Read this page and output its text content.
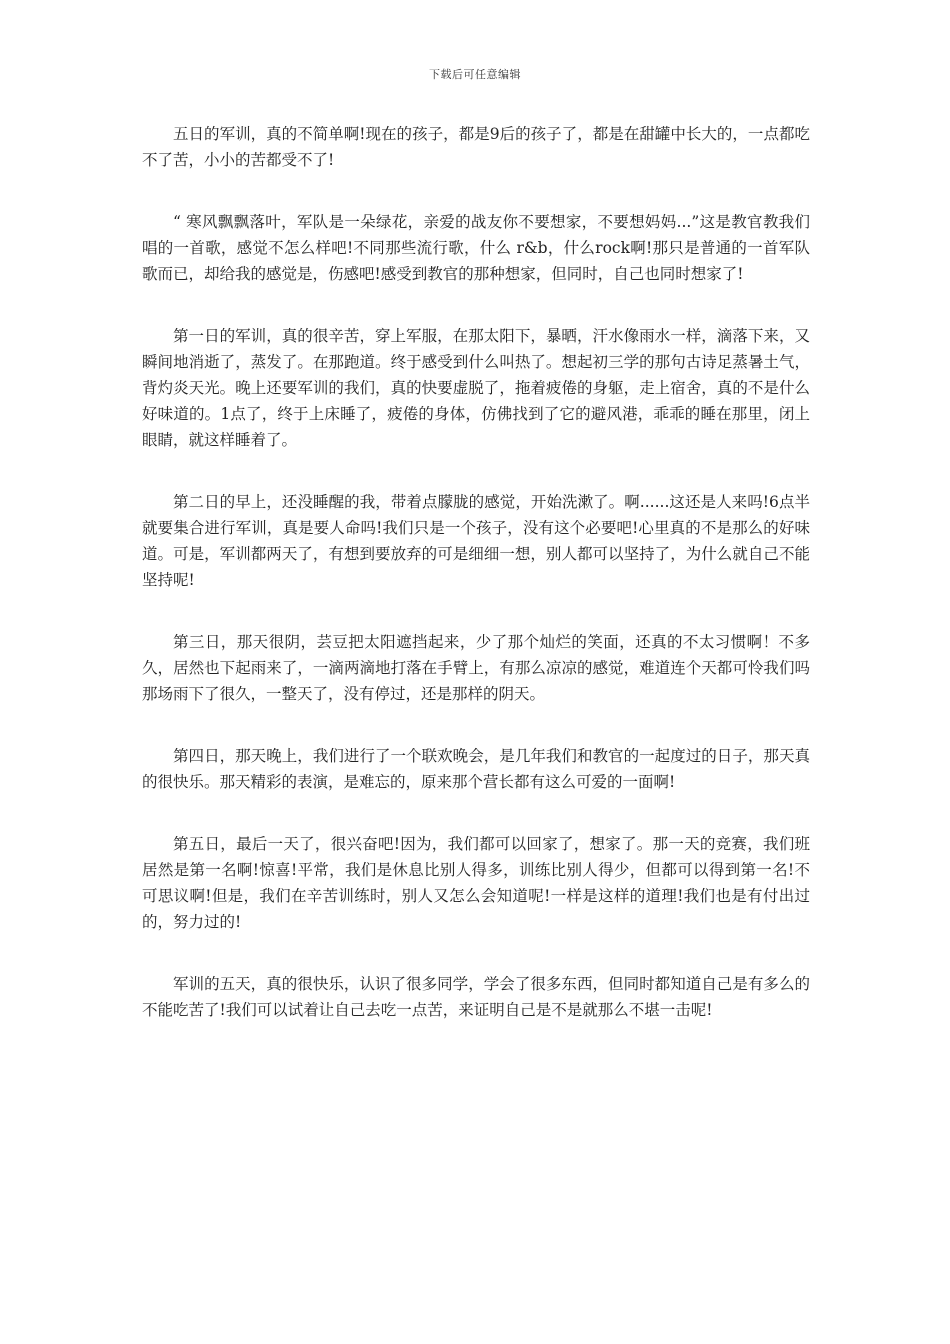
下载后可任意编辑

五日的军训，真的不简单啊!现在的孩子，都是9后的孩子了，都是在甜罐中长大的，一点都吃不了苦，小小的苦都受不了!

“ 寒风飘飘落叶，军队是一朵绿花，亲爱的战友你不要想家，不要想妈妈...”这是教官教我们唱的一首歌，感觉不怎么样吧!不同那些流行歌，什么 r&b，什么rock啊!那只是普通的一首军队歌而已，却给我的感觉是，伤感吧!感受到教官的那种想家，但同时，自己也同时想家了!

第一日的军训，真的很辛苦，穿上军服，在那太阳下，暴晒，汗水像雨水一样，滴落下来，又瞬间地消逝了，蒸发了。在那跑道。终于感受到什么叫热了。想起初三学的那句古诗足蒸暑土气，背灼炎天光。晚上还要军训的我们，真的快要虚脱了，拖着疲倦的身躯，走上宿舍，真的不是什么好味道的。1点了，终于上床睡了，疲倦的身体，仿佛找到了它的避风港，乖乖的睡在那里，闭上眼睛，就这样睡着了。

第二日的早上，还没睡醒的我，带着点朦胧的感觉，开始洗漱了。啊......这还是人来吗!6点半就要集合进行军训，真是要人命吗!我们只是一个孩子，没有这个必要吧!心里真的不是那么的好味道。可是，军训都两天了，有想到要放弃的可是细细一想，别人都可以坚持了，为什么就自己不能坚持呢!

第三日，那天很阴，芸豆把太阳遮挡起来，少了那个灿烂的笑面，还真的不太习惯啊！不多久，居然也下起雨来了，一滴两滴地打落在手臂上，有那么凉凉的感觉，难道连个天都可怜我们吗那场雨下了很久，一整天了，没有停过，还是那样的阴天。

第四日，那天晚上，我们进行了一个联欢晚会，是几年我们和教官的一起度过的日子，那天真的很快乐。那天精彩的表演，是难忘的，原来那个营长都有这么可爱的一面啊!

第五日，最后一天了，很兴奋吧!因为，我们都可以回家了，想家了。那一天的竞赛，我们班居然是第一名啊!惊喜!平常，我们是休息比别人得多，训练比别人得少，但都可以得到第一名!不可思议啊!但是，我们在辛苦训练时，别人又怎么会知道呢!一样是这样的道理!我们也是有付出过的，努力过的!

军训的五天，真的很快乐，认识了很多同学，学会了很多东西，但同时都知道自己是有多么的不能吃苦了!我们可以试着让自己去吃一点苦，来证明自己是不是就那么不堪一击呢!
